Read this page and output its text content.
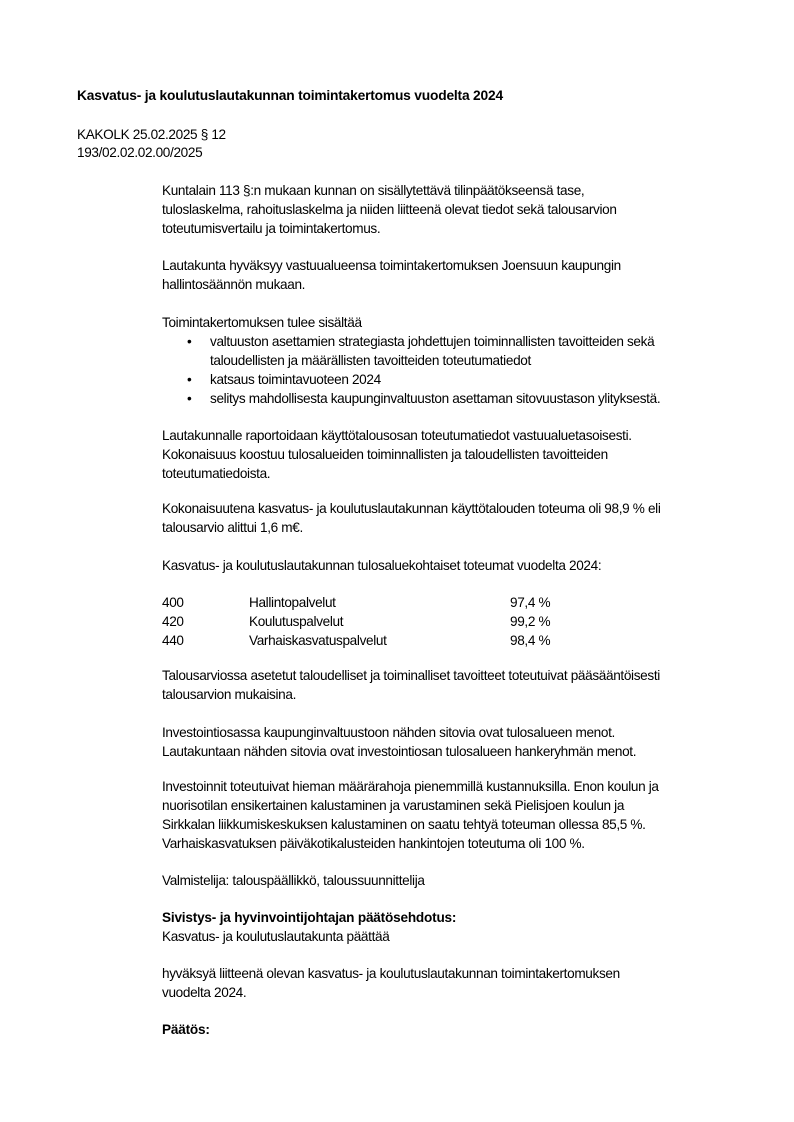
Kasvatus- ja koulutuslautakunnan toimintakertomus vuodelta 2024
KAKOLK 25.02.2025 § 12
193/02.02.02.00/2025
Kuntalain 113 §:n mukaan kunnan on sisällytettävä tilinpäätökseensä tase,
tuloslaskelma, rahoituslaskelma ja niiden liitteenä olevat tiedot sekä talousarvion
toteutumisvertailu ja toimintakertomus.
Lautakunta hyväksyy vastuualueensa toimintakertomuksen Joensuun kaupungin
hallintosäännön mukaan.
Toimintakertomuksen tulee sisältää
• valtuuston asettamien strategiasta johdettujen toiminnallisten tavoitteiden sekä
taloudellisten ja määrällisten tavoitteiden toteutumatiedot
• katsaus toimintavuoteen 2024
• selitys mahdollisesta kaupunginvaltuuston asettaman sitovuustason ylityksestä.
Lautakunnalle raportoidaan käyttötalousosan toteutumatiedot vastuualuetasoisesti.
Kokonaisuus koostuu tulosalueiden toiminnallisten ja taloudellisten tavoitteiden
toteutumatiedoista.
Kokonaisuutena kasvatus- ja koulutuslautakunnan käyttötalouden toteuma oli 98,9 % eli
talousarvio alittui 1,6 m€.
Kasvatus- ja koulutuslautakunnan tulosaluekohtaiset toteumat vuodelta 2024:
400	Hallintopalvelut	97,4 %
420	Koulutuspalvelut	99,2 %
440	Varhaiskasvatuspalvelut	98,4 %
Talousarviossa asetetut taloudelliset ja toiminalliset tavoitteet toteutuivat pääsääntöisesti
talousarvion mukaisina.
Investointiosassa kaupunginvaltuustoon nähden sitovia ovat tulosalueen menot.
Lautakuntaan nähden sitovia ovat investointiosan tulosalueen hankeryhmän menot.
Investoinnit toteutuivat hieman määrärahoja pienemmillä kustannuksilla. Enon koulun ja
nuorisotilan ensikertainen kalustaminen ja varustaminen sekä Pielisjoen koulun ja
Sirkkalan liikkumiskeskuksen kalustaminen on saatu tehtyä toteuman ollessa 85,5 %.
Varhaiskasvatuksen päiväkotikalusteiden hankintojen toteutuma oli 100 %.
Valmistelija: talouspäällikkö, taloussuunnittelija
Sivistys- ja hyvinvointijohtajan päätösehdotus:
Kasvatus- ja koulutuslautakunta päättää
hyväksyä liitteenä olevan kasvatus- ja koulutuslautakunnan toimintakertomuksen
vuodelta 2024.
Päätös:
